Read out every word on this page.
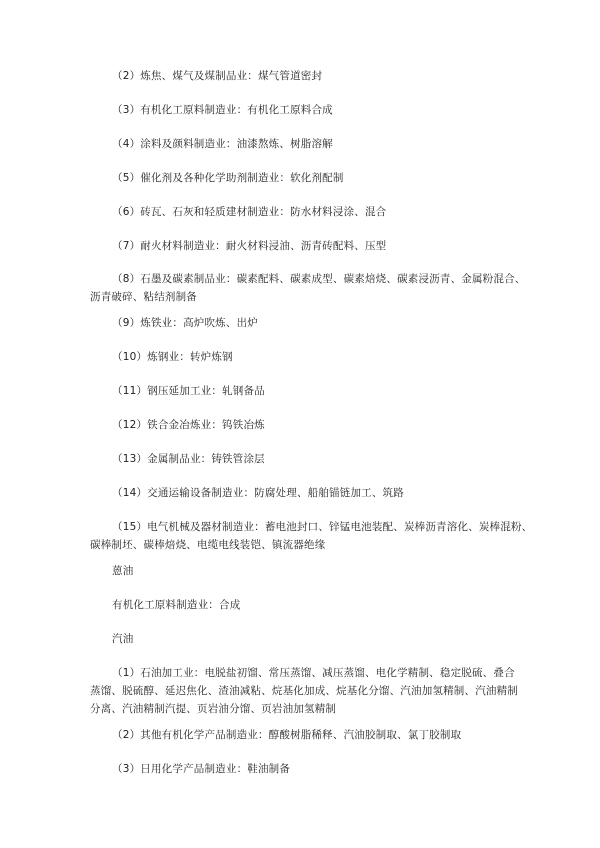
（2）炼焦、煤气及煤制品业：煤气管道密封
（3）有机化工原料制造业：有机化工原料合成
（4）涂料及颜料制造业：油漆熬炼、树脂溶解
（5）催化剂及各种化学助剂制造业：软化剂配制
（6）砖瓦、石灰和轻质建材制造业：防水材料浸涂、混合
（7）耐火材料制造业：耐火材料浸油、沥青砖配料、压型
（8）石墨及碳素制品业：碳素配料、碳素成型、碳素焙烧、碳素浸沥青、金属粉混合、
沥青破碎、粘结剂制备
（9）炼铁业：高炉吹炼、出炉
（10）炼钢业：转炉炼钢
（11）钢压延加工业：轧钢备品
（12）铁合金冶炼业：钨铁冶炼
（13）金属制品业：铸铁管涂层
（14）交通运输设备制造业：防腐处理、船舶锚链加工、筑路
（15）电气机械及器材制造业：蓄电池封口、锌锰电池装配、炭棒沥青溶化、炭棒混粉、
碳棒制坯、碳棒焙烧、电缆电线装铠、镇流器绝缘
蒽油
有机化工原料制造业：合成
汽油
（1）石油加工业：电脱盐初馏、常压蒸馏、减压蒸馏、电化学精制、稳定脱硫、叠合
蒸馏、脱硫醇、延迟焦化、渣油减粘、烷基化加成、烷基化分馏、汽油加氢精制、汽油精制
分离、汽油精制汽提、页岩油分馏、页岩油加氢精制
（2）其他有机化学产品制造业：醇酸树脂稀释、汽油胶制取、氯丁胶制取
（3）日用化学产品制造业：鞋油制备
